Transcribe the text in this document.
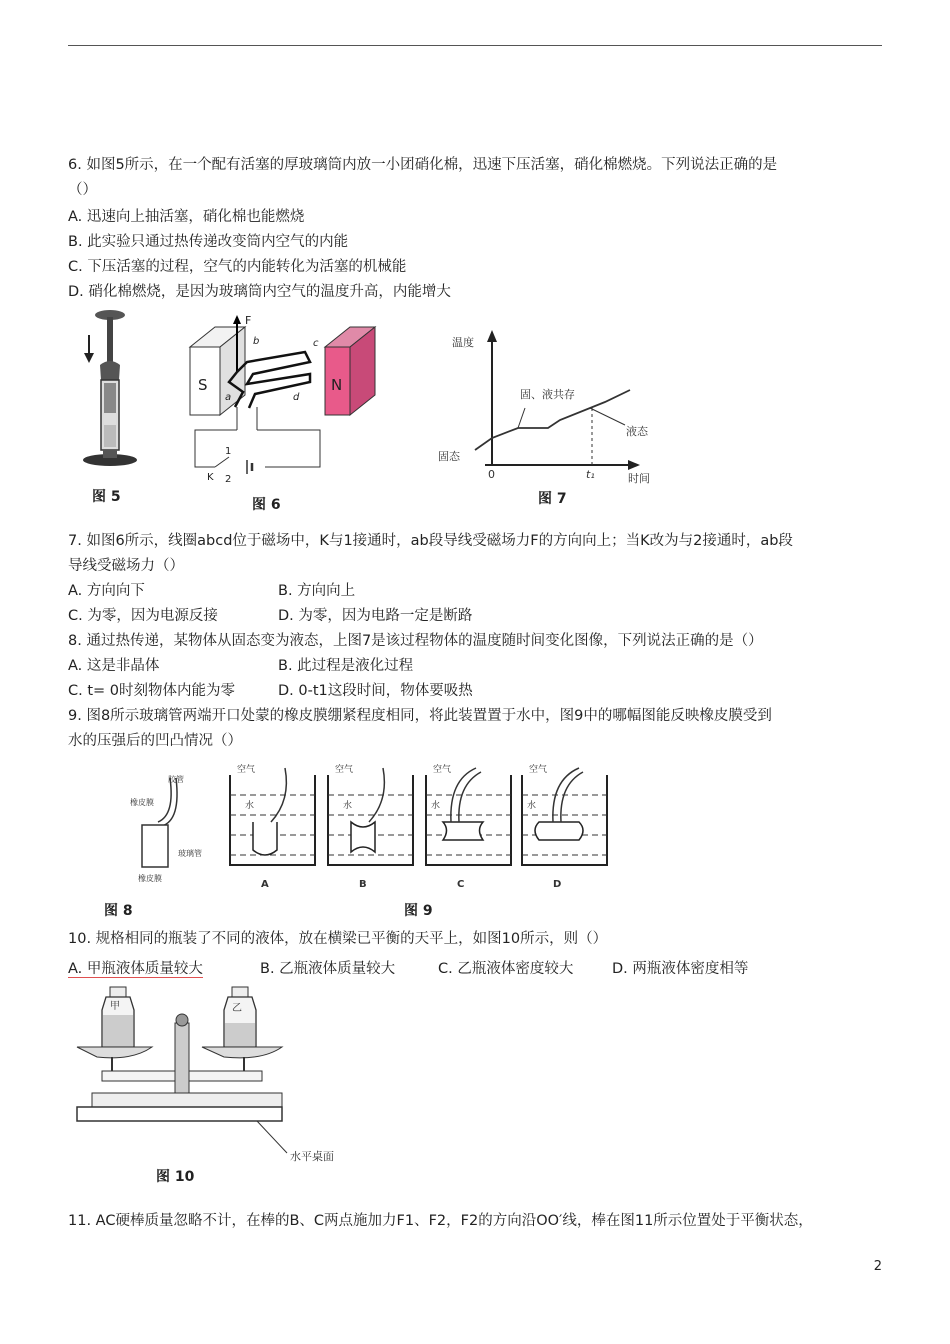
6. 如图5所示，在一个配有活塞的厚玻璃筒内放一小团硝化棉，迅速下压活塞，硝化棉燃烧。下列说法正确的是
（）
A. 迅速向上抽活塞，硝化棉也能燃烧
B. 此实验只通过热传递改变筒内空气的内能
C. 下压活塞的过程，空气的内能转化为活塞的机械能
D. 硝化棉燃烧，是因为玻璃筒内空气的温度升高，内能增大
图 5
S	N
F
a
b	c
d
1
2
K
图 6
温度
时间
固、液共存
液态
固态
0	t₁
图 7
7. 如图6所示，线圈abcd位于磁场中，K与1接通时，ab段导线受磁场力F的方向向上；当K改为与2接通时，ab段
导线受磁场力（）
A. 方向向下	B. 方向向上
C. 为零，因为电源反接	D. 为零，因为电路一定是断路
8. 通过热传递，某物体从固态变为液态，上图7是该过程物体的温度随时间变化图像，下列说法正确的是（）
A. 这是非晶体	B. 此过程是液化过程
C. t= 0时刻物体内能为零	D. 0-t1这段时间，物体要吸热
9. 图8所示玻璃管两端开口处蒙的橡皮膜绷紧程度相同，将此装置置于水中，图9中的哪幅图能反映橡皮膜受到
水的压强后的凹凸情况（）
胶管
橡皮膜
玻璃管
橡皮膜
空气
水
A
空气
水
B
空气
水
C
空气
水
D
图 8	图 9
10. 规格相同的瓶装了不同的液体，放在横梁已平衡的天平上，如图10所示，则（）
A. 甲瓶液体质量较大	B. 乙瓶液体质量较大	C. 乙瓶液体密度较大	D. 两瓶液体密度相等
甲	乙
水平桌面
图 10
11. AC硬棒质量忽略不计，在棒的B、C两点施加力F1、F2，F2的方向沿OO′线，棒在图11所示位置处于平衡状态，
2
